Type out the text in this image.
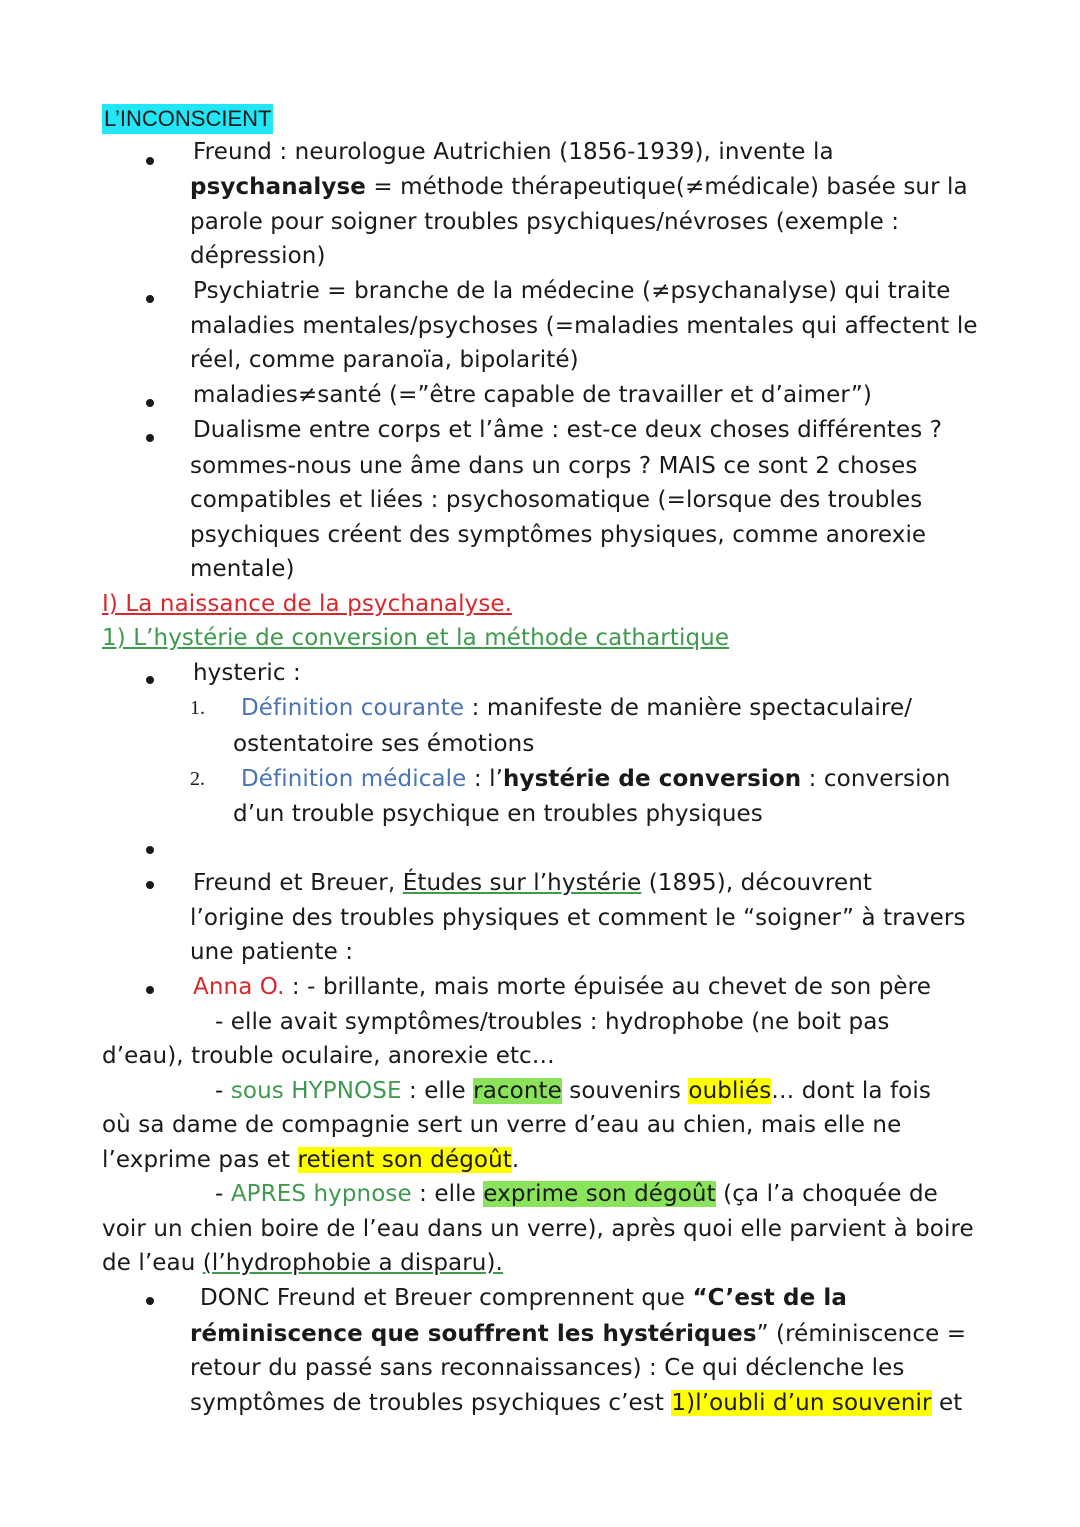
L’INCONSCIENT
Freund : neurologue Autrichien (1856-1939), invente la
psychanalyse = méthode thérapeutique(≠médicale) basée sur la
parole pour soigner troubles psychiques/névroses (exemple :
dépression)
Psychiatrie = branche de la médecine (≠psychanalyse) qui traite
maladies mentales/psychoses (=maladies mentales qui affectent le
réel, comme paranoïa, bipolarité)
maladies≠santé (=”être capable de travailler et d’aimer”)
Dualisme entre corps et l’âme : est-ce deux choses différentes ?
sommes-nous une âme dans un corps ? MAIS ce sont 2 choses
compatibles et liées : psychosomatique (=lorsque des troubles
psychiques créent des symptômes physiques, comme anorexie
mentale)
I) La naissance de la psychanalyse.
1) L’hystérie de conversion et la méthode cathartique
hysteric :
1. Définition courante : manifeste de manière spectaculaire/
ostentatoire ses émotions
2. Définition médicale : l’hystérie de conversion : conversion
d’un trouble psychique en troubles physiques
Freund et Breuer, Études sur l’hystérie (1895), découvrent
l’origine des troubles physiques et comment le “soigner” à travers
une patiente :
Anna O. : - brillante, mais morte épuisée au chevet de son père
- elle avait symptômes/troubles : hydrophobe (ne boit pas
d’eau), trouble oculaire, anorexie etc…
- sous HYPNOSE : elle raconte souvenirs oubliés… dont la fois
où sa dame de compagnie sert un verre d’eau au chien, mais elle ne
l’exprime pas et retient son dégoût.
- APRES hypnose : elle exprime son dégoût (ça l’a choquée de
voir un chien boire de l’eau dans un verre), après quoi elle parvient à boire
de l’eau (l’hydrophobie a disparu).
DONC Freund et Breuer comprennent que “C’est de la
réminiscence que souffrent les hystériques” (réminiscence =
retour du passé sans reconnaissances) : Ce qui déclenche les
symptômes de troubles psychiques c’est 1)l’oubli d’un souvenir et
